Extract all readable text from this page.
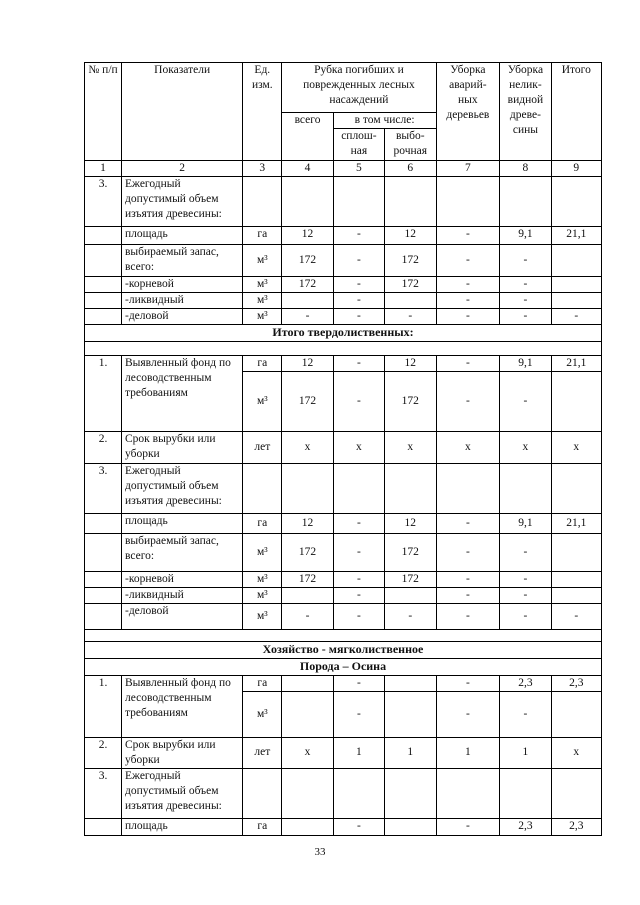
№ п/п	Показатели	Ед. изм.	Рубка погибших и поврежденных лесных насаждений			Уборка аварий-ных деревьев	Уборка нелик-видной древе-сины	Итого
			всего	в том числе:				
				сплош-ная	выбо-рочная			
1	2	3	4	5	6	7	8	9
3.	Ежегодный допустимый объем изъятия древесины:							
	площадь	га	12	-	12	-	9,1	21,1
	выбираемый запас, всего:	м³	172	-	172	-	-	
	-корневой	м³	172	-	172	-	-	
	-ликвидный	м³		-		-	-	
	-деловой	м³	-	-	-	-	-	-
Итого твердолиственных:								

1.	Выявленный фонд по лесоводственным требованиям	га	12	-	12	-	9,1	21,1
		м³	172	-	172	-	-	
2.	Срок вырубки или уборки	лет	x	x	x	x	x	x
3.	Ежегодный допустимый объем изъятия древесины:							
	площадь	га	12	-	12	-	9,1	21,1
	выбираемый запас, всего:	м³	172	-	172	-	-	
	-корневой	м³	172	-	172	-	-	
	-ликвидный	м³		-		-	-	
	-деловой	м³	-	-	-	-	-	-

Хозяйство - мягколиственное								
Порода – Осина								
1.	Выявленный фонд по лесоводственным требованиям	га		-		-	2,3	2,3
		м³		-		-	-	
2.	Срок вырубки или уборки	лет	x	1	1	1	1	x
3.	Ежегодный допустимый объем изъятия древесины:							
	площадь	га		-		-	2,3	2,3
33
